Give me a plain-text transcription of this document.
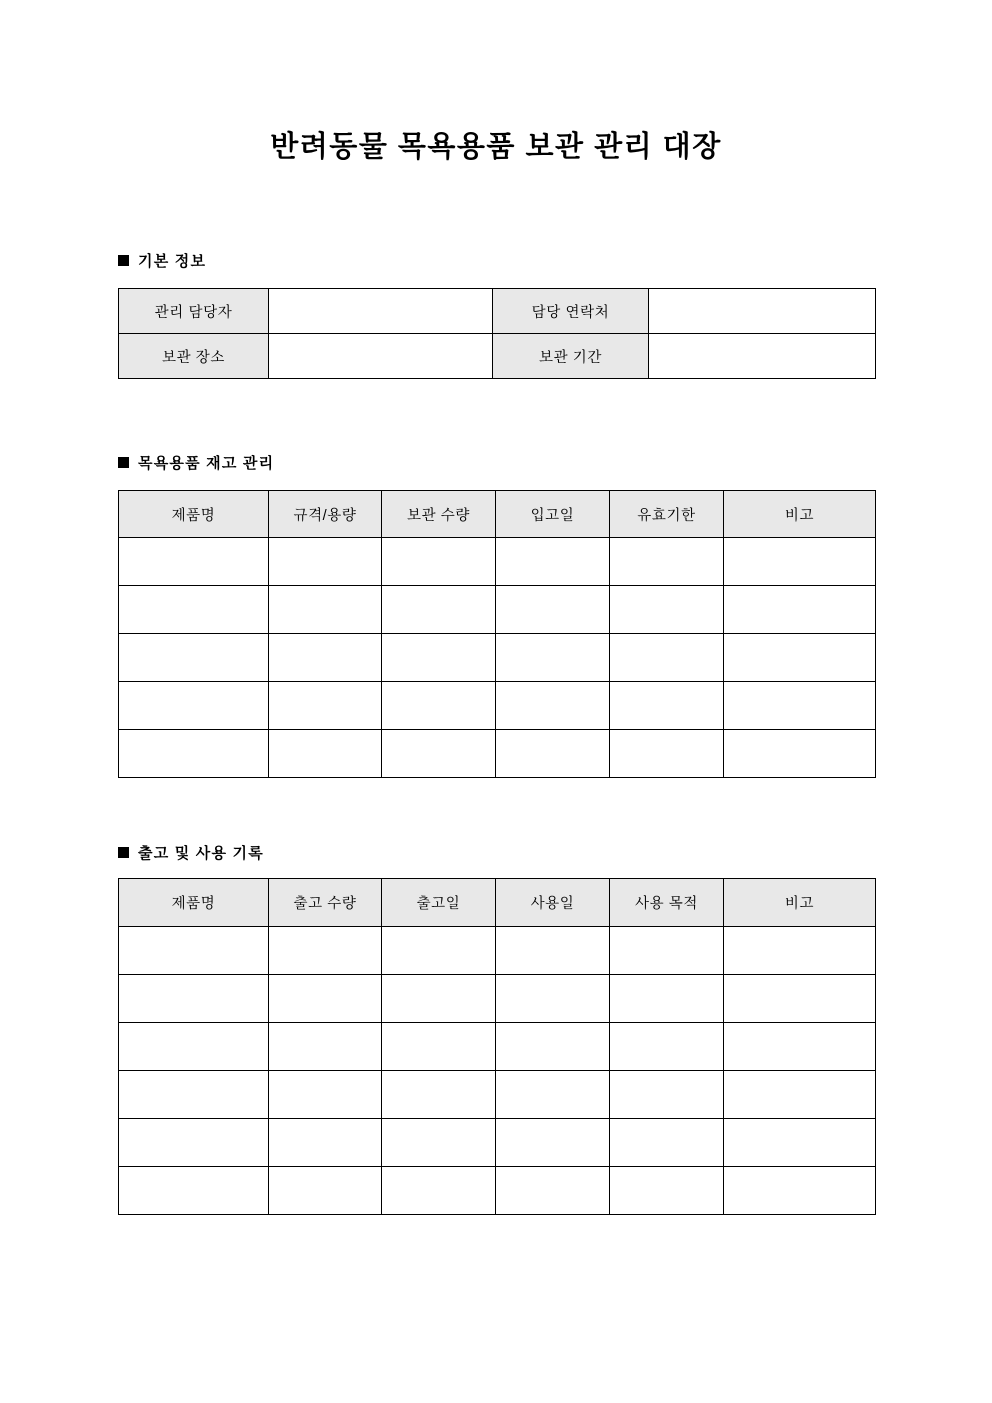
반려동물 목욕용품 보관 관리 대장
기본 정보
관리 담당자		담당 연락처	
보관 장소		보관 기간	
목욕용품 재고 관리
제품명	규격/용량	보관 수량	입고일	유효기한	비고

출고 및 사용 기록
제품명	출고 수량	출고일	사용일	사용 목적	비고
